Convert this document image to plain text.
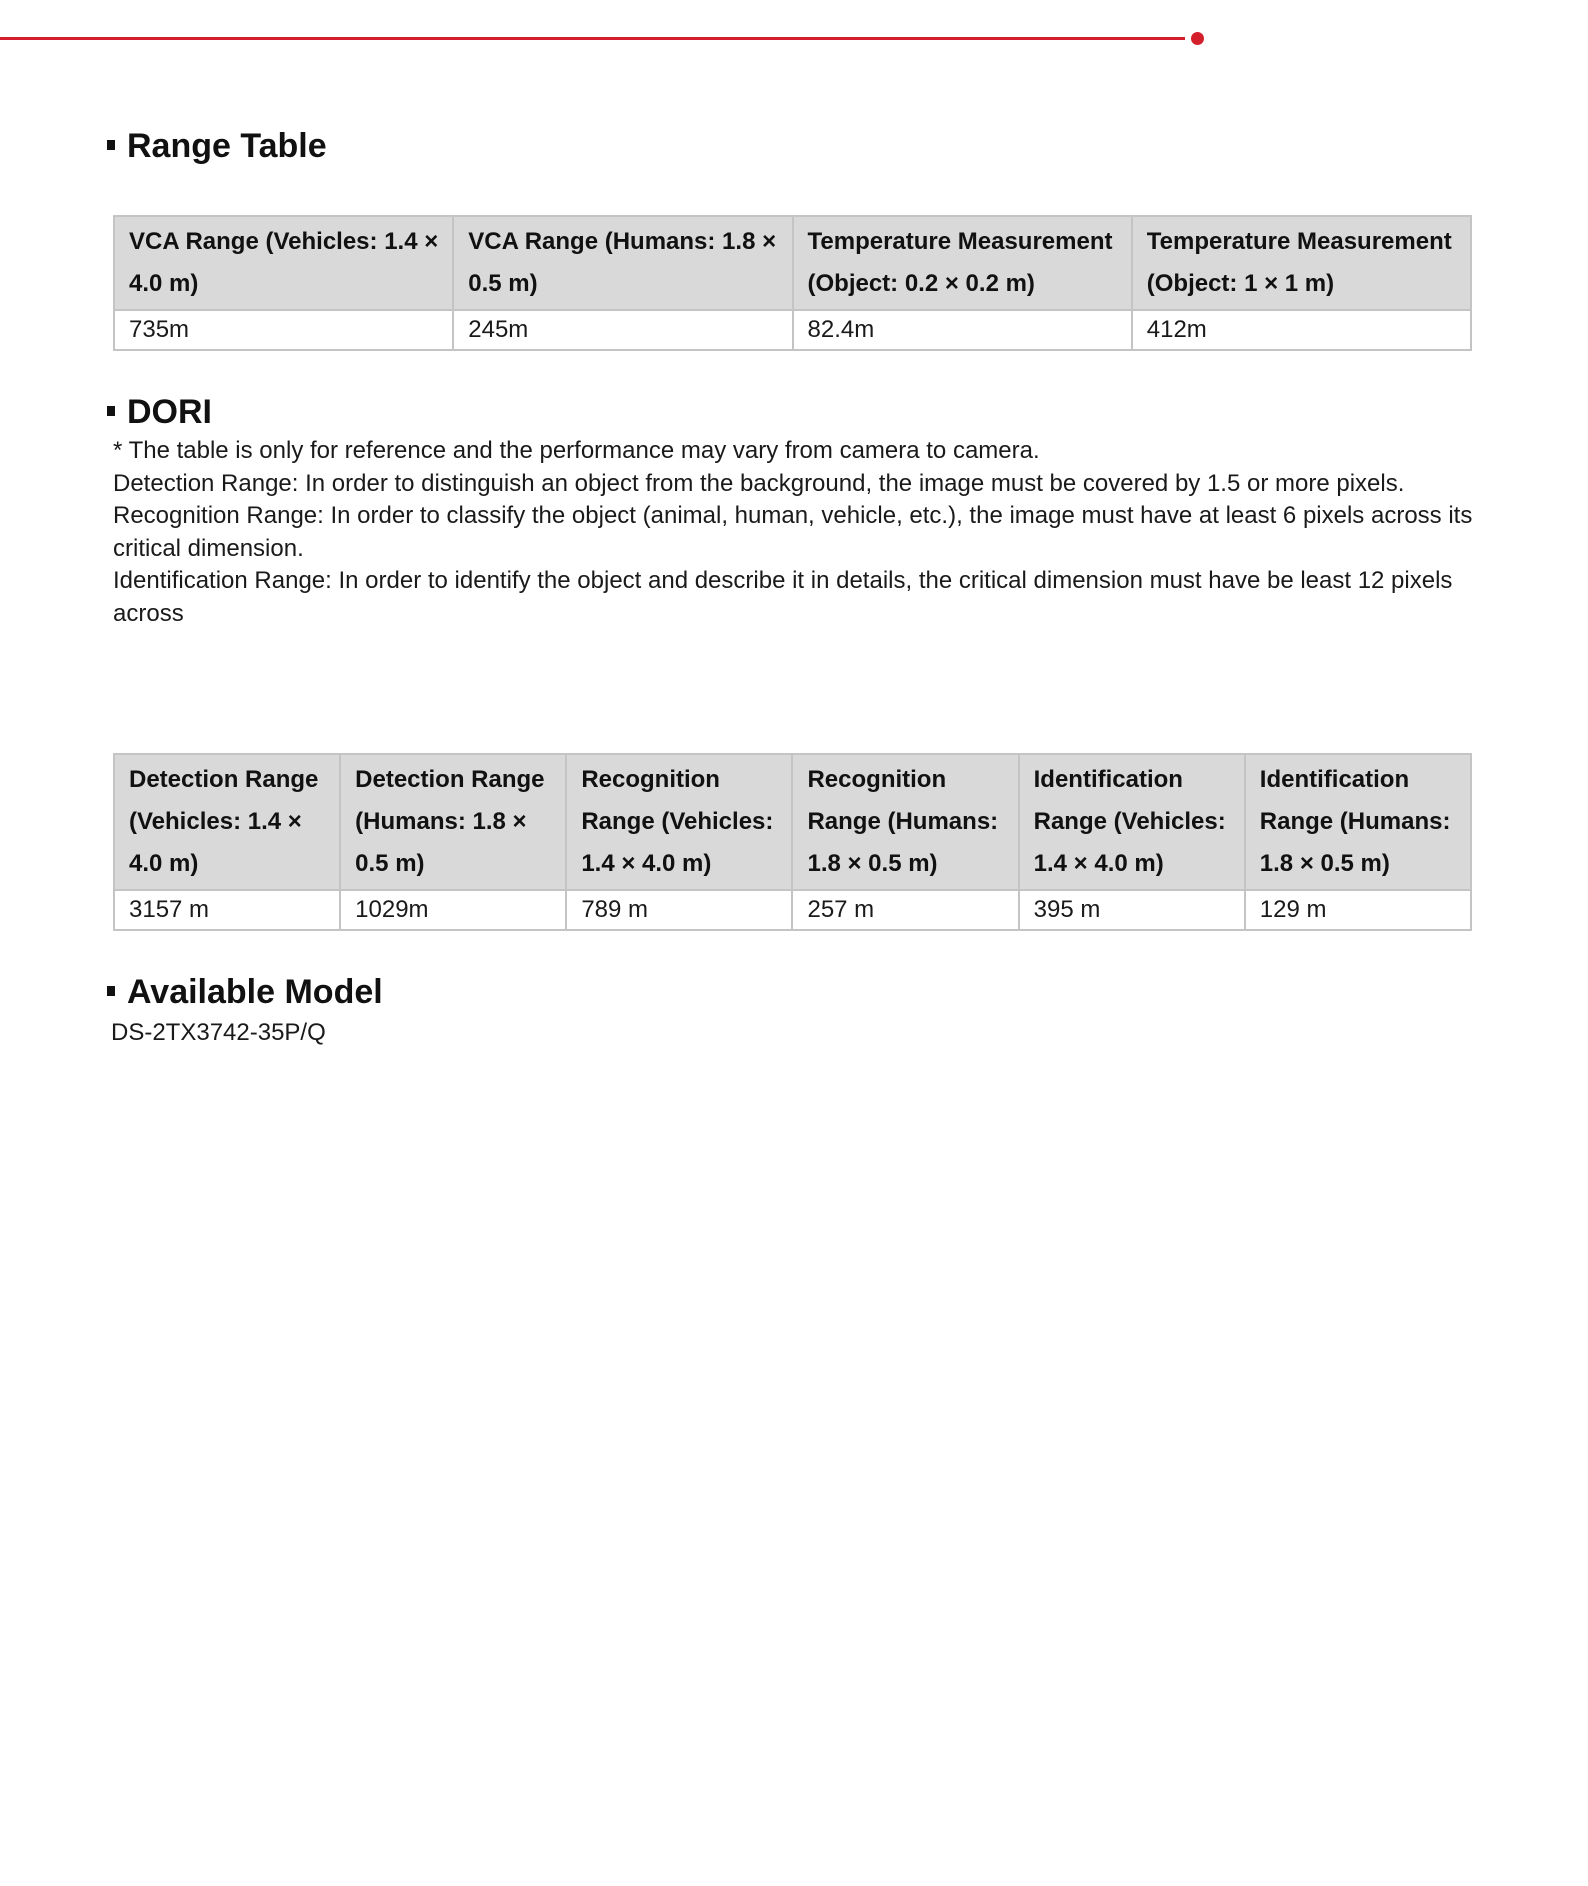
Range Table
VCA Range (Vehicles: 1.4 × 4.0 m)	VCA Range (Humans: 1.8 × 0.5 m)	Temperature Measurement (Object: 0.2 × 0.2 m)	Temperature Measurement (Object: 1 × 1 m)
735m	245m	82.4m	412m
DORI

* The table is only for reference and the performance may vary from camera to camera.

Detection Range: In order to distinguish an object from the background, the image must be covered by 1.5 or more pixels.

Recognition Range: In order to classify the object (animal, human, vehicle, etc.), the image must have at least 6 pixels across its critical dimension.

Identification Range: In order to identify the object and describe it in details, the critical dimension must have be least 12 pixels across

Detection Range (Vehicles: 1.4 × 4.0 m)	Detection Range (Humans: 1.8 × 0.5 m)	Recognition Range (Vehicles: 1.4 × 4.0 m)	Recognition Range (Humans: 1.8 × 0.5 m)	Identification Range (Vehicles: 1.4 × 4.0 m)	Identification Range (Humans: 1.8 × 0.5 m)
3157 m	1029m	789 m	257 m	395 m	129 m
Available Model

DS-2TX3742-35P/Q
